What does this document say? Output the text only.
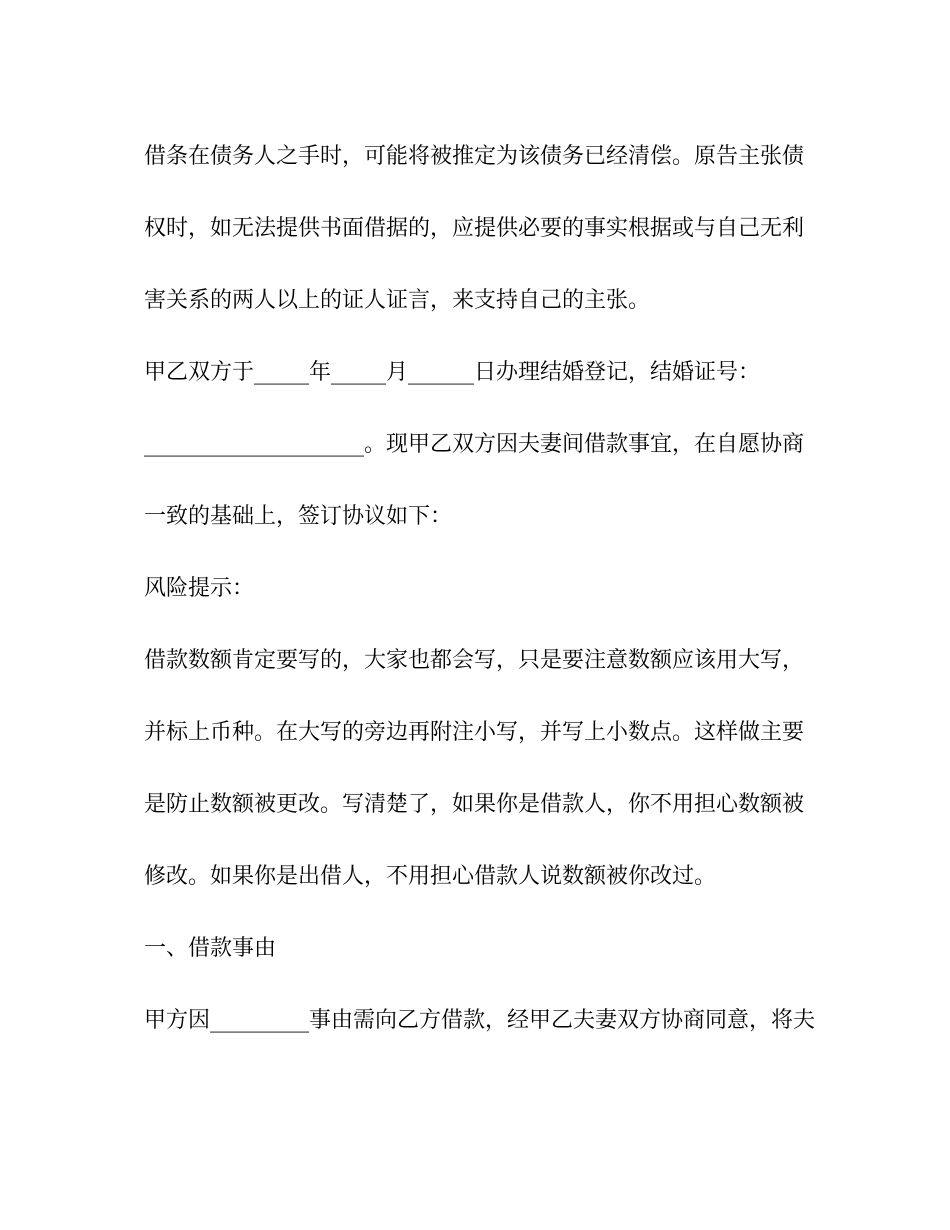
借条在债务人之手时，可能将被推定为该债务已经清偿。原告主张债
权时，如无法提供书面借据的，应提供必要的事实根据或与自己无利
害关系的两人以上的证人证言，来支持自己的主张。
甲乙双方于_____年_____月______日办理结婚登记，结婚证号：
____________________。现甲乙双方因夫妻间借款事宜，在自愿协商
一致的基础上，签订协议如下：
风险提示：
借款数额肯定要写的，大家也都会写，只是要注意数额应该用大写，
并标上币种。在大写的旁边再附注小写，并写上小数点。这样做主要
是防止数额被更改。写清楚了，如果你是借款人，你不用担心数额被
修改。如果你是出借人，不用担心借款人说数额被你改过。
一、借款事由
甲方因_________事由需向乙方借款，经甲乙夫妻双方协商同意，将夫
